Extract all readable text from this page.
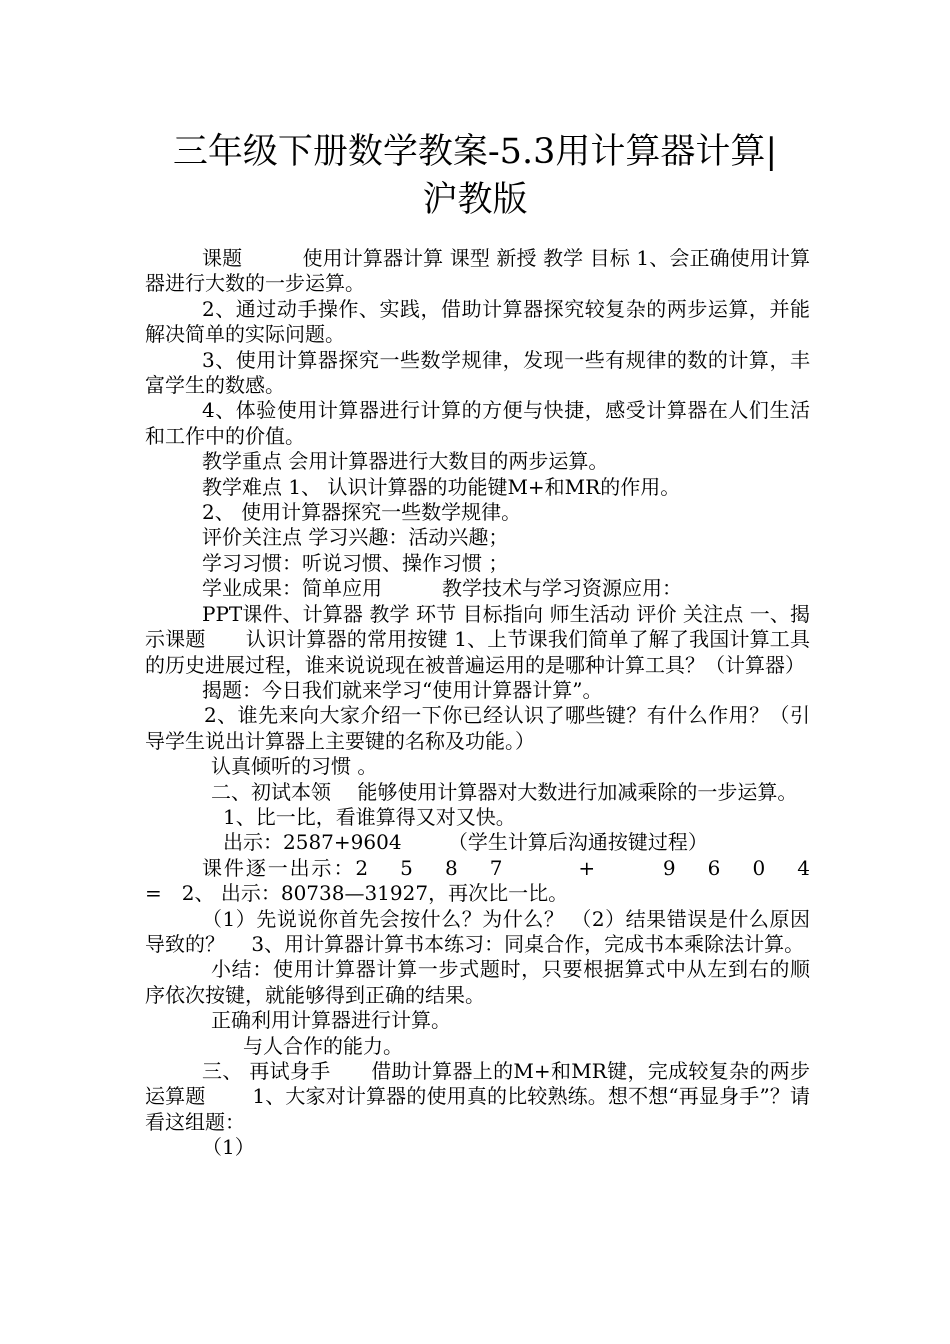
三年级下册数学教案-5.3用计算器计算|
沪教版

课题　　　使用计算器计算 课型 新授 教学 目标 1、会正确使用计算器进行大数的一步运算。

2、通过动手操作、实践，借助计算器探究较复杂的两步运算，并能解决简单的实际问题。

3、使用计算器探究一些数学规律，发现一些有规律的数的计算，丰富学生的数感。

4、体验使用计算器进行计算的方便与快捷，感受计算器在人们生活和工作中的价值。

教学重点 会用计算器进行大数目的两步运算。

教学难点 1、 认识计算器的功能键M+和MR的作用。

2、 使用计算器探究一些数学规律。

评价关注点 学习兴趣：活动兴趣；

学习习惯：听说习惯、操作习惯 ；

学业成果：简单应用　　　教学技术与学习资源应用：

PPT课件、计算器 教学 环节 目标指向 师生活动 评价 关注点 一、揭示课题　　认识计算器的常用按键 1、上节课我们简单了解了我国计算工具的历史进展过程，谁来说说现在被普遍运用的是哪种计算工具？（计算器）

揭题：今日我们就来学习“使用计算器计算”。

2、谁先来向大家介绍一下你已经认识了哪些键？有什么作用？（引导学生说出计算器上主要键的名称及功能。）

认真倾听的习惯 。

二、初试本领　 能够使用计算器对大数进行加减乘除的一步运算。

1、比一比，看谁算得又对又快。

出示：2587+9604　　 （学生计算后沟通按键过程）

课件逐一出示：2　 5　 8　 7　　　 +　　　9　 6　 0　 4　　　 =　2、 出示：80738—31927，再次比一比。

（1）先说说你首先会按什么？为什么？ （2）结果错误是什么原因导致的？　 3、用计算器计算书本练习：同桌合作，完成书本乘除法计算。

小结：使用计算器计算一步式题时，只要根据算式中从左到右的顺序依次按键，就能够得到正确的结果。

正确利用计算器进行计算。

与人合作的能力。

三、 再试身手　　借助计算器上的M+和MR键，完成较复杂的两步运算题　　 1、大家对计算器的使用真的比较熟练。想不想“再显身手”？请看这组题：

（1）
